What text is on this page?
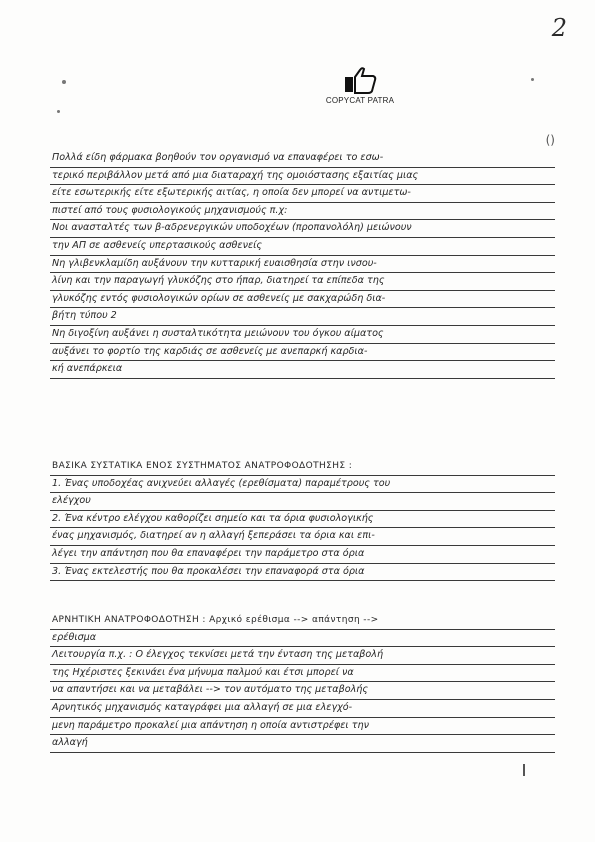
2
COPYCAT PATRA
()
Πολλά είδη φάρμακα βοηθούν τον οργανισμό να επαναφέρει το εσω-
τερικό περιβάλλον μετά από μια διαταραχή της ομοιόστασης εξαιτίας μιας
είτε εσωτερικής είτε εξωτερικής αιτίας, η οποία δεν μπορεί να αντιμετω-
πιστεί από τους φυσιολογικούς μηχανισμούς π.χ:
Νοι ανασταλτές των β-αδρενεργικών υποδοχέων (προπανολόλη) μειώνουν
την ΑΠ σε ασθενείς υπερτασικούς ασθενείς
Νη γλιβενκλαμίδη αυξάνουν την κυτταρική ευαισθησία στην ινσου-
λίνη και την παραγωγή γλυκόζης στο ήπαρ, διατηρεί τα επίπεδα της
γλυκόζης εντός φυσιολογικών ορίων σε ασθενείς με σακχαρώδη δια-
βήτη τύπου 2
Νη διγοξίνη αυξάνει η συσταλτικότητα μειώνουν του όγκου αίματος
αυξάνει το φορτίο της καρδιάς σε ασθενείς με ανεπαρκή καρδια-
κή ανεπάρκεια
ΒΑΣΙΚΑ ΣΥΣΤΑΤΙΚΑ ΕΝΟΣ ΣΥΣΤΗΜΑΤΟΣ ΑΝΑΤΡΟΦΟΔΟΤΗΣΗΣ :
1. Ένας υποδοχέας ανιχνεύει αλλαγές (ερεθίσματα) παραμέτρους του
ελέγχου
2. Ένα κέντρο ελέγχου καθορίζει σημείο και τα όρια φυσιολογικής
ένας μηχανισμός, διατηρεί αν η αλλαγή ξεπεράσει τα όρια και επι-
λέγει την απάντηση που θα επαναφέρει την παράμετρο στα όρια
3. Ένας εκτελεστής που θα προκαλέσει την επαναφορά στα όρια
ΑΡΝΗΤΙΚΗ ΑΝΑΤΡΟΦΟΔΟΤΗΣΗ : Αρχικό ερέθισμα --> απάντηση -->
ερέθισμα
Λειτουργία π.χ. : Ο έλεγχος τεκνίσει μετά την ένταση της μεταβολή
της Ηχέριστες ξεκινάει ένα μήνυμα παλμού και έτσι μπορεί να
να απαντήσει και να μεταβάλει --> τον αυτόματο της μεταβολής
Αρνητικός μηχανισμός καταγράφει μια αλλαγή σε μια ελεγχό-
μενη παράμετρο προκαλεί μια απάντηση η οποία αντιστρέφει την
αλλαγή
